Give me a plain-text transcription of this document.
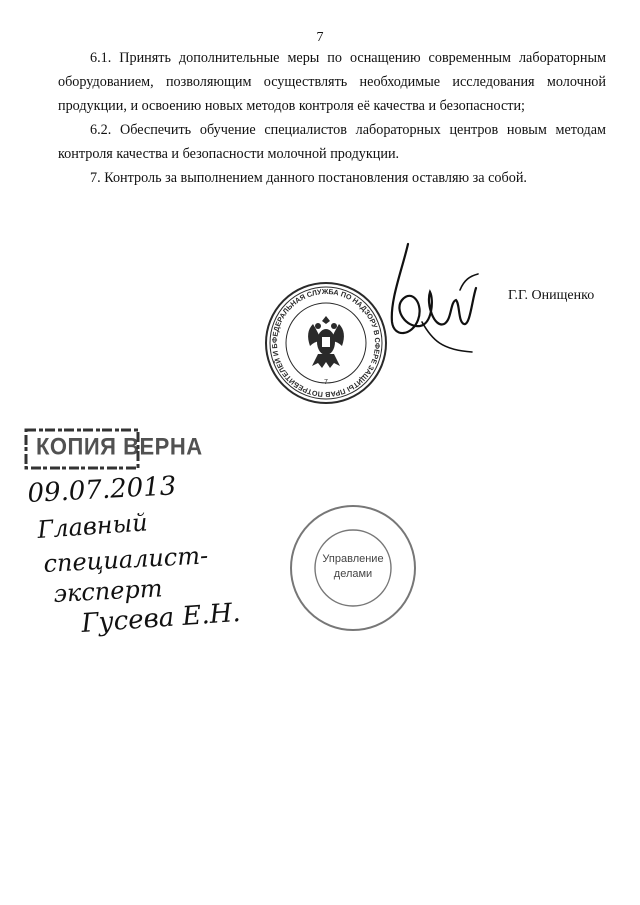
7

6.1. Принять дополнительные меры по оснащению современным лабораторным оборудованием, позволяющим осуществлять необходимые исследования молочной продукции, и освоению новых методов контроля её качества и безопасности;

6.2. Обеспечить обучение специалистов лабораторных центров новым методам контроля качества и безопасности молочной продукции.

7. Контроль за выполнением данного постановления оставляю за собой.

ФЕДЕРАЛЬНАЯ СЛУЖБА ПО НАДЗОРУ В СФЕРЕ ЗАЩИТЫ ПРАВ ПОТРЕБИТЕЛЕЙ И БЛАГОПОЛУЧИЯ ЧЕЛОВЕКА (РОСПОТРЕБНАДЗОР)
7
Г.Г. Онищенко
КОПИЯ ВЕРНА
09.07.2013
Главный
специалист-
эксперт
Гусева Е.Н.
Управление
делами
